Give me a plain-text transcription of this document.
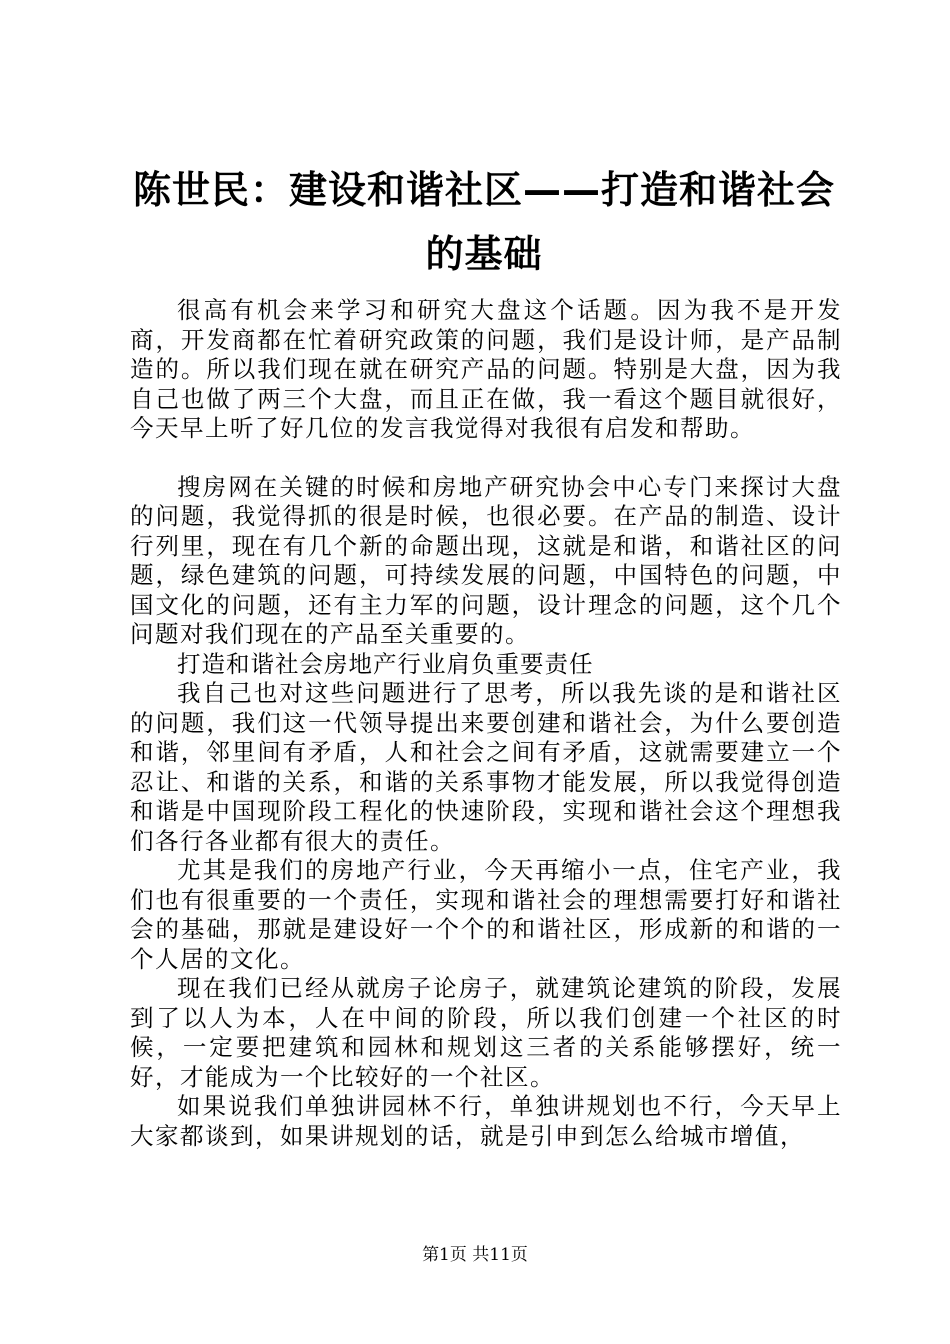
陈世民：建设和谐社区——打造和谐社会的基础

很高有机会来学习和研究大盘这个话题。因为我不是开发商，开发商都在忙着研究政策的问题，我们是设计师，是产品制造的。所以我们现在就在研究产品的问题。特别是大盘，因为我自己也做了两三个大盘，而且正在做，我一看这个题目就很好，今天早上听了好几位的发言我觉得对我很有启发和帮助。

搜房网在关键的时候和房地产研究协会中心专门来探讨大盘的问题，我觉得抓的很是时候，也很必要。在产品的制造、设计行列里，现在有几个新的命题出现，这就是和谐，和谐社区的问题，绿色建筑的问题，可持续发展的问题，中国特色的问题，中国文化的问题，还有主力军的问题，设计理念的问题，这个几个问题对我们现在的产品至关重要的。

打造和谐社会房地产行业肩负重要责任

我自己也对这些问题进行了思考，所以我先谈的是和谐社区的问题，我们这一代领导提出来要创建和谐社会，为什么要创造和谐，邻里间有矛盾，人和社会之间有矛盾，这就需要建立一个忍让、和谐的关系，和谐的关系事物才能发展，所以我觉得创造和谐是中国现阶段工程化的快速阶段，实现和谐社会这个理想我们各行各业都有很大的责任。

尤其是我们的房地产行业，今天再缩小一点，住宅产业，我们也有很重要的一个责任，实现和谐社会的理想需要打好和谐社会的基础，那就是建设好一个个的和谐社区，形成新的和谐的一个人居的文化。

现在我们已经从就房子论房子，就建筑论建筑的阶段，发展到了以人为本，人在中间的阶段，所以我们创建一个社区的时候，一定要把建筑和园林和规划这三者的关系能够摆好，统一好，才能成为一个比较好的一个社区。

如果说我们单独讲园林不行，单独讲规划也不行，今天早上大家都谈到，如果讲规划的话，就是引申到怎么给城市增值，

第1页 共11页
